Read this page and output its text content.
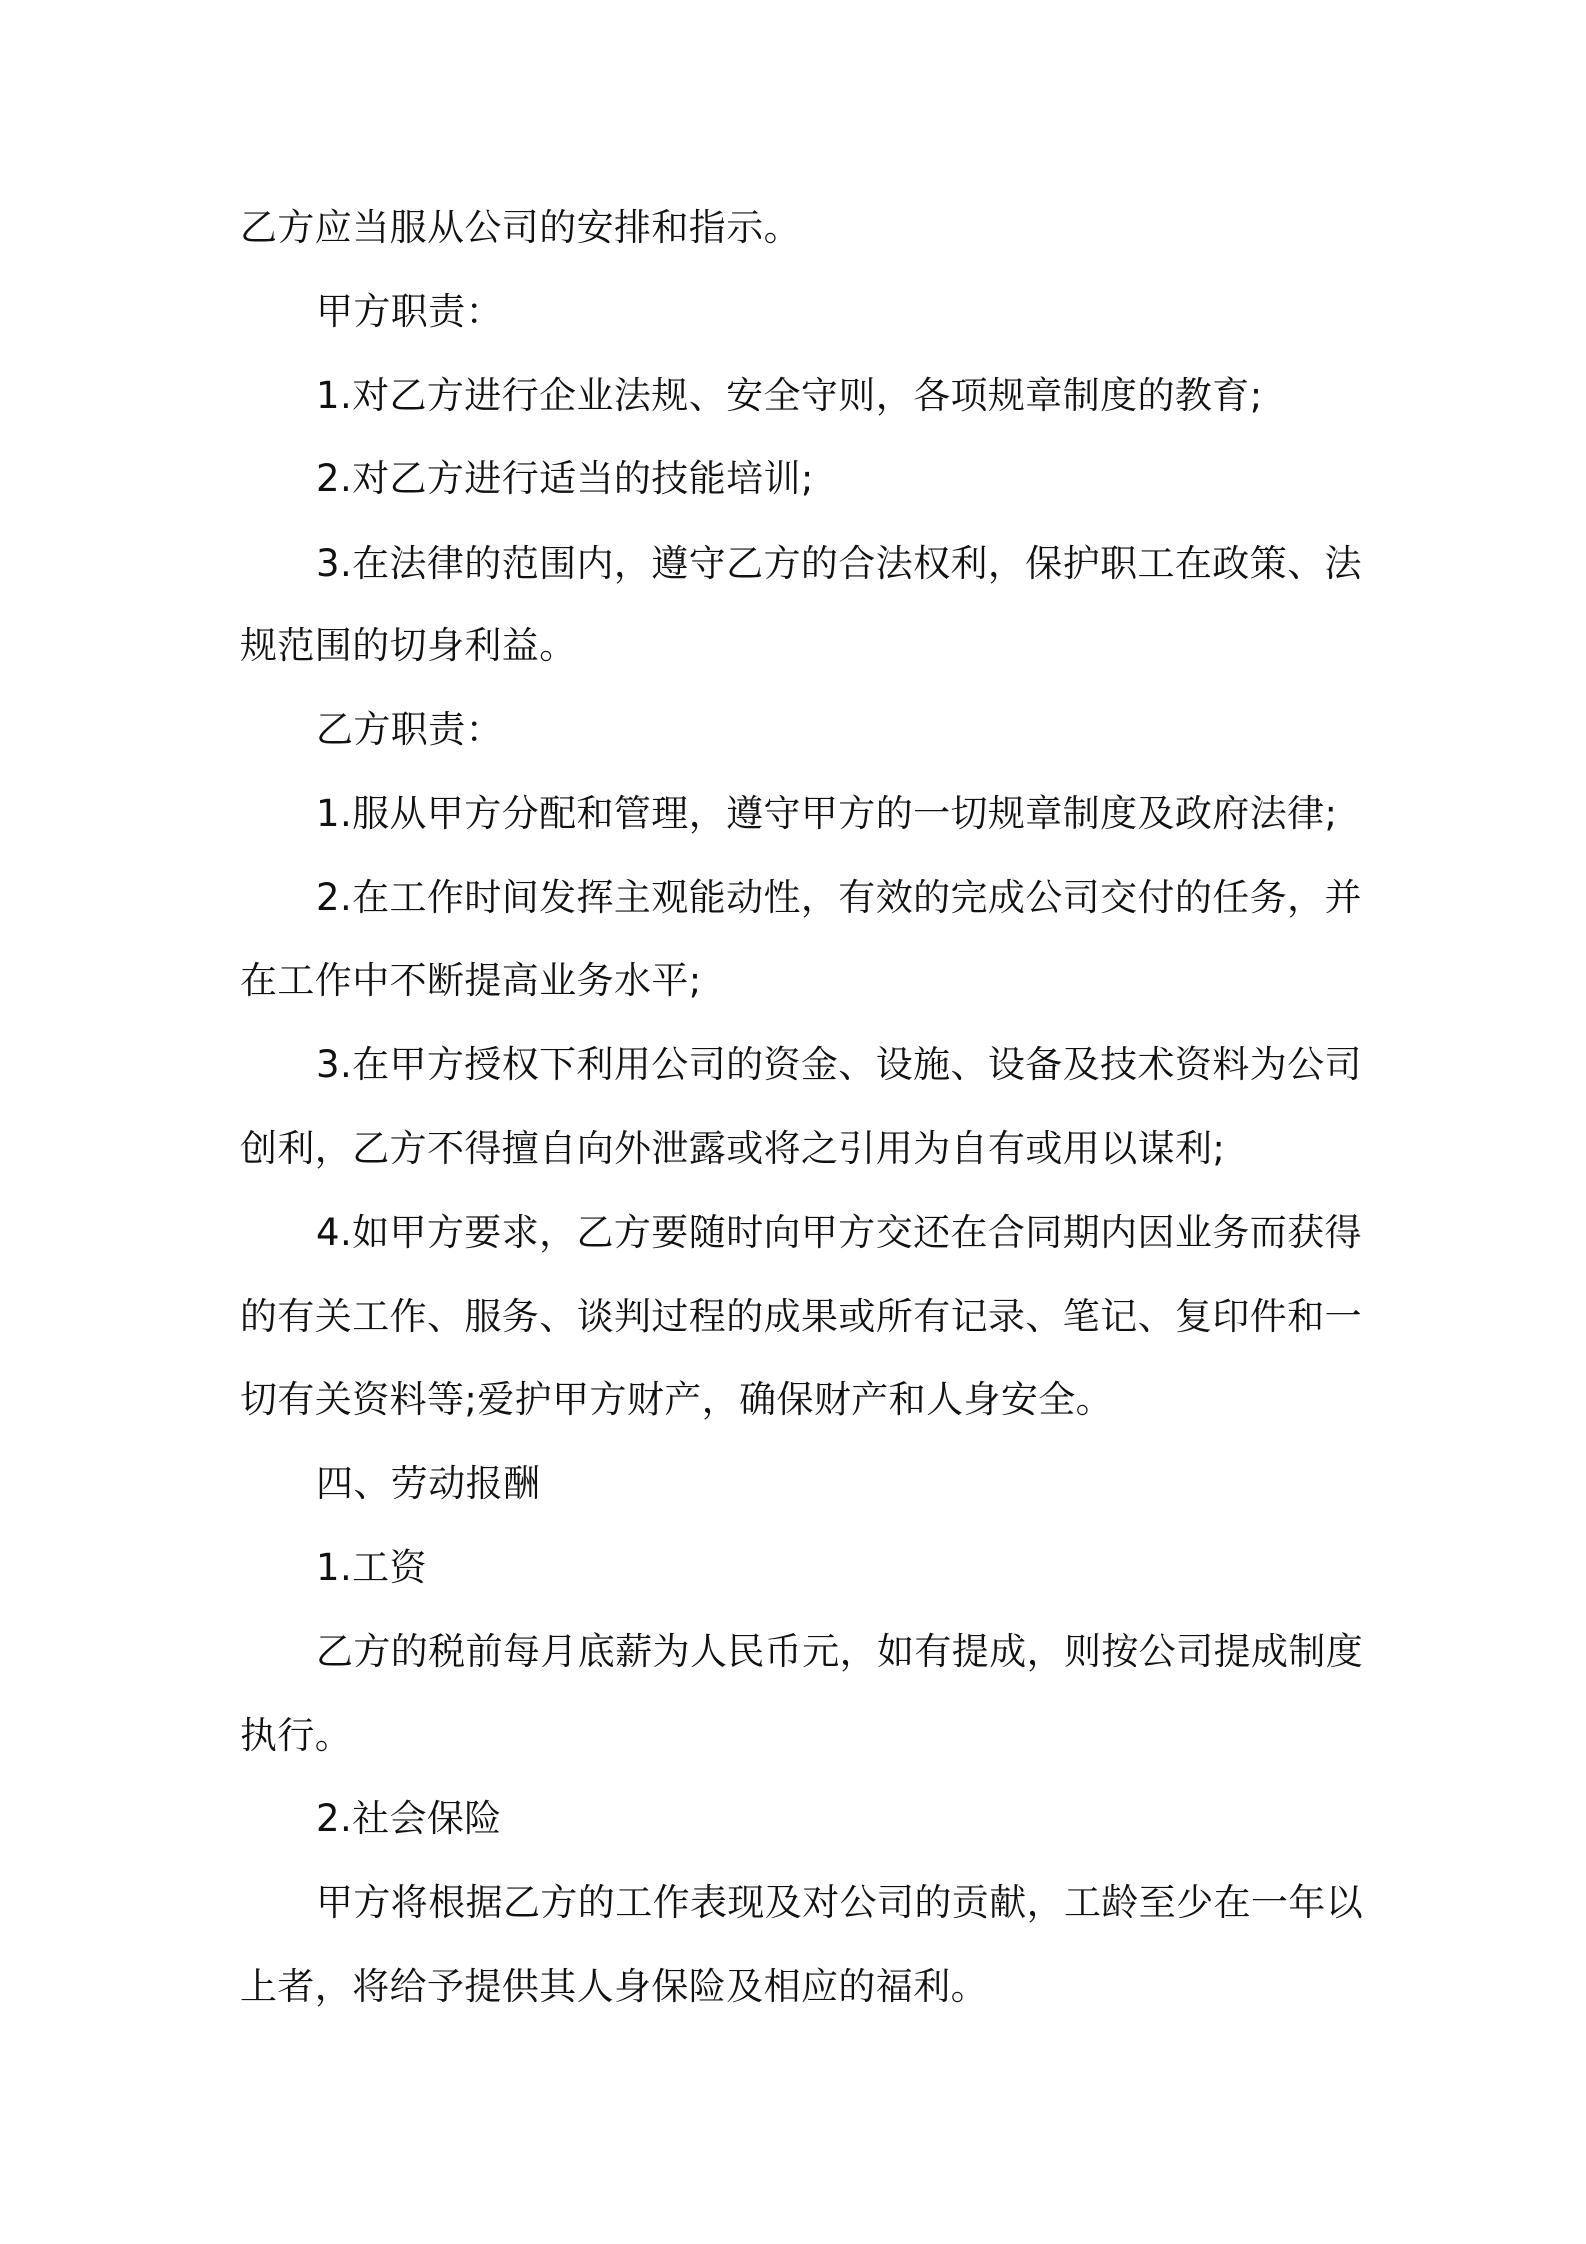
乙方应当服从公司的安排和指示。

甲方职责：

1.对乙方进行企业法规、安全守则，各项规章制度的教育;

2.对乙方进行适当的技能培训;

3.在法律的范围内，遵守乙方的合法权利，保护职工在政策、法

规范围的切身利益。

乙方职责：

1.服从甲方分配和管理，遵守甲方的一切规章制度及政府法律;

2.在工作时间发挥主观能动性，有效的完成公司交付的任务，并

在工作中不断提高业务水平;

3.在甲方授权下利用公司的资金、设施、设备及技术资料为公司

创利，乙方不得擅自向外泄露或将之引用为自有或用以谋利;

4.如甲方要求，乙方要随时向甲方交还在合同期内因业务而获得

的有关工作、服务、谈判过程的成果或所有记录、笔记、复印件和一

切有关资料等;爱护甲方财产，确保财产和人身安全。

四、劳动报酬

1.工资

乙方的税前每月底薪为人民币元，如有提成，则按公司提成制度

执行。

2.社会保险

甲方将根据乙方的工作表现及对公司的贡献，工龄至少在一年以

上者，将给予提供其人身保险及相应的福利。
